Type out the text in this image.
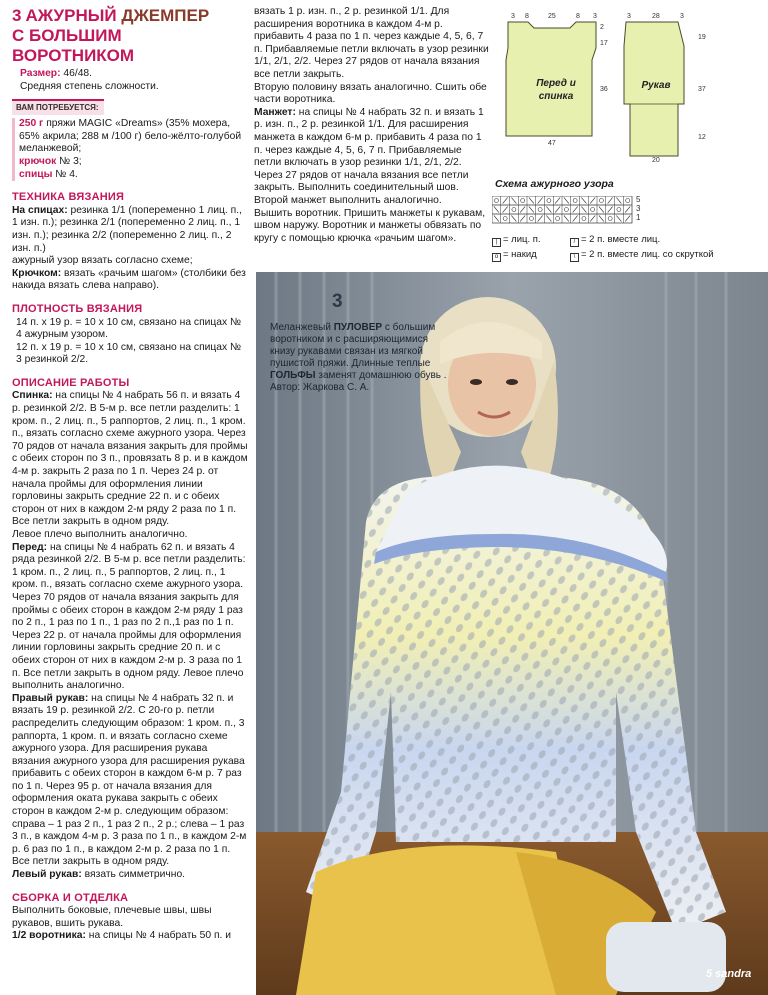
3 АЖУРНЫЙ ДЖЕМПЕР
С БОЛЬШИМ ВОРОТНИКОМ
Размер: 46/48.
Средняя степень сложности.
ВАМ ПОТРЕБУЕТСЯ:
250 г пряжи MAGIC «Dreams» (35% мохера, 65% акрила; 288 м /100 г) бело-жёлто-голубой меланжевой;
крючок № 3;
спицы № 4.
ТЕХНИКА ВЯЗАНИЯ
На спицах: резинка 1/1 (попеременно 1 лиц. п., 1 изн. п.); резинка 2/1 (попеременно 2 лиц. п., 1 изн. п.); резинка 2/2 (попеременно 2 лиц. п., 2 изн. п.)
ажурный узор вязать согласно схеме;
Крючком: вязать «рачьим шагом» (столбики без накида вязать слева направо).
ПЛОТНОСТЬ ВЯЗАНИЯ
14 п. х 19 р. = 10 х 10 см, связано на спицах № 4 ажурным узором.
12 п. х 19 р. = 10 х 10 см, связано на спицах № 3 резинкой 2/2.
ОПИСАНИЕ РАБОТЫ
Спинка: на спицы № 4 набрать 56 п. и вязать 4 р. резинкой 2/2. В 5-м р. все петли разделить: 1 кром. п., 2 лиц. п., 5 раппортов, 2 лиц. п., 1 кром. п., вязать согласно схеме ажурного узора. Через 70 рядов от начала вязания закрыть для проймы с обеих сторон по 3 п., провязать 8 р. и в каждом 4-м р. закрыть 2 раза по 1 п. Через 24 р. от начала проймы для оформления линии горловины закрыть средние 22 п. и с обеих сторон от них в каждом 2-м ряду 2 раза по 1 п. Все петли закрыть в одном ряду.
Левое плечо выполнить аналогично.
Перед: на спицы № 4 набрать 62 п. и вязать 4 ряда резинкой 2/2. В 5-м р. все петли разделить: 1 кром. п., 2 лиц. п., 5 раппортов, 2 лиц. п., 1 кром. п., вязать согласно схеме ажурного узора. Через 70 рядов от начала вязания закрыть для проймы с обеих сторон в каждом 2-м ряду 1 раз по 2 п., 1 раз по 1 п., 1 раз по 2 п.,1 раз по 1 п. Через 22 р. от начала проймы для оформления линии горловины закрыть средние 20 п. и с обеих сторон от них в каждом 2-м р. 3 раза по 1 п. Все петли закрыть в одном ряду. Левое плечо выполнить аналогично.
Правый рукав: на спицы № 4 набрать 32 п. и вязать 19 р. резинкой 2/2. С 20-го р. петли распределить следующим образом: 1 кром. п., 3 раппорта, 1 кром. п. и вязать согласно схеме ажурного узора. Для расширения рукава вязания ажурного узора для расширения рукава прибавить с обеих сторон в каждом 6-м р. 7 раз по 1 п. Через 95 р. от начала вязания для оформления оката рукава закрыть с обеих сторон в каждом 2-м р. следующим образом: справа – 1 раз 2 п., 1 раз 2 п., 2 р.; слева – 1 раз 3 п., в каждом 4-м р. 3 раза по 1 п., в каждом 2-м р. 6 раз по 1 п., в каждом 2-м р. 2 раза по 1 п. Все петли закрыть в одном ряду.
Левый рукав: вязать симметрично.
СБОРКА И ОТДЕЛКА
Выполнить боковые, плечевые швы, швы рукавов, вшить рукава.
1/2 воротника: на спицы № 4 набрать 50 п. и
вязать 1 р. изн. п., 2 р. резинкой 1/1. Для расширения воротника в каждом 4-м р. прибавить 4 раза по 1 п. через каждые 4, 5, 6, 7 п. Прибавляемые петли включать в узор резинки 1/1, 2/1, 2/2. Через 27 рядов от начала вязания все петли закрыть.
Вторую половину вязать аналогично. Сшить обе части воротника.
Манжет: на спицы № 4 набрать 32 п. и вязать 1 р. изн. п., 2 р. резинкой 1/1. Для расширения манжета в каждом 6-м р. прибавить 4 раза по 1 п. через каждые 4, 5, 6, 7 п. Прибавляемые петли включать в узор резинки 1/1, 2/1, 2/2. Через 27 рядов от начала вязания все петли закрыть. Выполнить соединительный шов. Второй манжет выполнить аналогично.
Вышить воротник. Пришить манжеты к рукавам, швом наружу. Воротник и манжеты обвязать по кругу с помощью крючка «рачьим шагом».
Перед и спинка
Рукав
3 8	25	8 3
2
17
36
47
3	28	3
19
37
12
20
Схема ажурного узора
5
3
1
| = лиц. п.	/ = 2 п. вместе лиц.
o = накид	\ = 2 п. вместе лиц. со скруткой
3
Меланжевый ПУЛОВЕР с большим воротником и с расширяющимися книзу рукавами связан из мягкой пушистой пряжи. Длинные теплые ГОЛЬФЫ заменят домашнюю обувь .
Автор: Жаркова С. А.
5 sandra
